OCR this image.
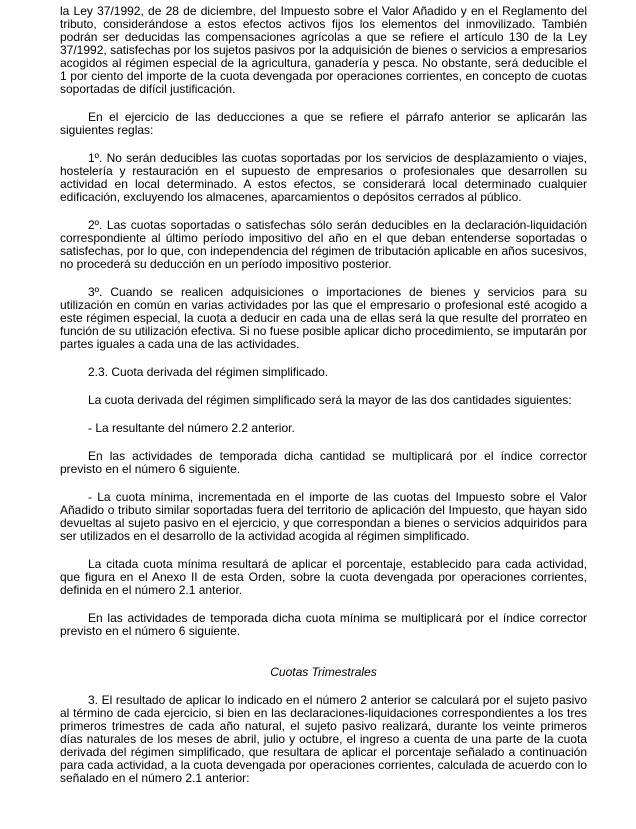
la Ley 37/1992, de 28 de diciembre, del Impuesto sobre el Valor Añadido y en el Reglamento del tributo, considerándose a estos efectos activos fijos los elementos del inmovilizado. También podrán ser deducidas las compensaciones agrícolas a que se refiere el artículo 130 de la Ley 37/1992, satisfechas por los sujetos pasivos por la adquisición de bienes o servicios a empresarios acogidos al régimen especial de la agricultura, ganadería y pesca. No obstante, será deducible el 1 por ciento del importe de la cuota devengada por operaciones corrientes, en concepto de cuotas soportadas de difícil justificación.

En el ejercicio de las deducciones a que se refiere el párrafo anterior se aplicarán las siguientes reglas:

1º. No serán deducibles las cuotas soportadas por los servicios de desplazamiento o viajes, hostelería y restauración en el supuesto de empresarios o profesionales que desarrollen su actividad en local determinado. A estos efectos, se considerará local determinado cualquier edificación, excluyendo los almacenes, aparcamientos o depósitos cerrados al público.

2º. Las cuotas soportadas o satisfechas sólo serán deducibles en la declaración-liquidación correspondiente al último período impositivo del año en el que deban entenderse soportadas o satisfechas, por lo que, con independencia del régimen de tributación aplicable en años sucesivos, no procederá su deducción en un período impositivo posterior.

3º. Cuando se realicen adquisiciones o importaciones de bienes y servicios para su utilización en común en varias actividades por las que el empresario o profesional esté acogido a este régimen especial, la cuota a deducir en cada una de ellas será la que resulte del prorrateo en función de su utilización efectiva. Si no fuese posible aplicar dicho procedimiento, se imputarán por partes iguales a cada una de las actividades.

2.3. Cuota derivada del régimen simplificado.

La cuota derivada del régimen simplificado será la mayor de las dos cantidades siguientes:

- La resultante del número 2.2 anterior.

En las actividades de temporada dicha cantidad se multiplicará por el índice corrector previsto en el número 6 siguiente.

- La cuota mínima, incrementada en el importe de las cuotas del Impuesto sobre el Valor Añadido o tributo similar soportadas fuera del territorio de aplicación del Impuesto, que hayan sido devueltas al sujeto pasivo en el ejercicio, y que correspondan a bienes o servicios adquiridos para ser utilizados en el desarrollo de la actividad acogida al régimen simplificado.

La citada cuota mínima resultará de aplicar el porcentaje, establecido para cada actividad, que figura en el Anexo II de esta Orden, sobre la cuota devengada por operaciones corrientes, definida en el número 2.1 anterior.

En las actividades de temporada dicha cuota mínima se multiplicará por el índice corrector previsto en el número 6 siguiente.

Cuotas Trimestrales

3. El resultado de aplicar lo indicado en el número 2 anterior se calculará por el sujeto pasivo al término de cada ejercicio, si bien en las declaraciones-liquidaciones correspondientes a los tres primeros trimestres de cada año natural, el sujeto pasivo realizará, durante los veinte primeros días naturales de los meses de abril, julio y octubre, el ingreso a cuenta de una parte de la cuota derivada del régimen simplificado, que resultara de aplicar el porcentaje señalado a continuación para cada actividad, a la cuota devengada por operaciones corrientes, calculada de acuerdo con lo señalado en el número 2.1 anterior:
